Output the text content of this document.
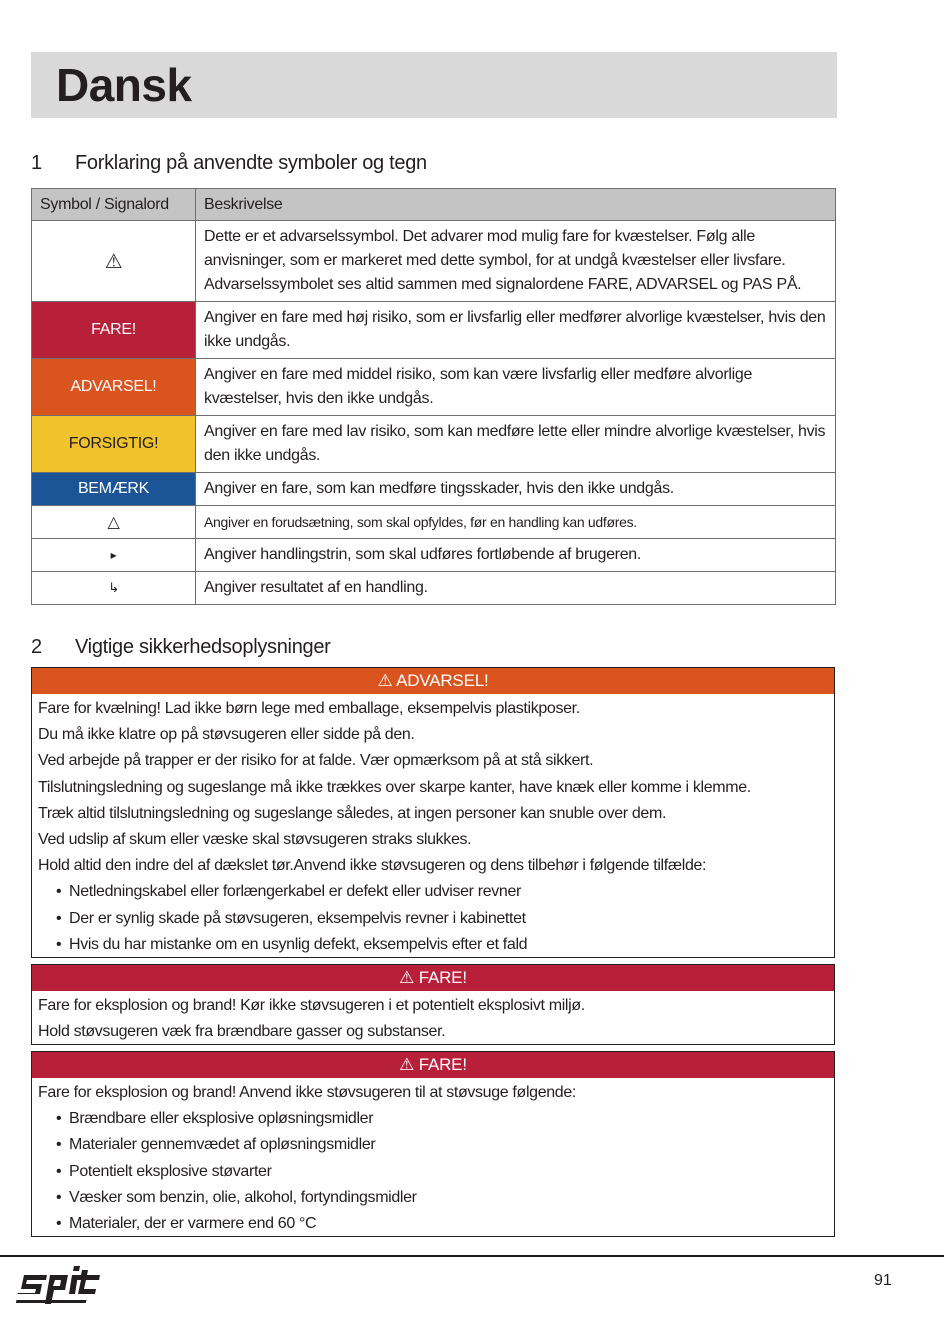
Dansk
1 Forklaring på anvendte symboler og tegn
Symbol / Signalord	Beskrivelse
⚠	Dette er et advarselssymbol. Det advarer mod mulig fare for kvæstelser. Følg alle anvisninger, som er markeret med dette symbol, for at undgå kvæstelser eller livsfare. Advarselssymbolet ses altid sammen med signalordene FARE, ADVARSEL og PAS PÅ.
FARE!	Angiver en fare med høj risiko, som er livsfarlig eller medfører alvorlige kvæstelser, hvis den ikke undgås.
ADVARSEL!	Angiver en fare med middel risiko, som kan være livsfarlig eller medføre alvorlige kvæstelser, hvis den ikke undgås.
FORSIGTIG!	Angiver en fare med lav risiko, som kan medføre lette eller mindre alvorlige kvæstelser, hvis den ikke undgås.
BEMÆRK	Angiver en fare, som kan medføre tingsskader, hvis den ikke undgås.
△	Angiver en forudsætning, som skal opfyldes, før en handling kan udføres.
▸	Angiver handlingstrin, som skal udføres fortløbende af brugeren.
↳	Angiver resultatet af en handling.
2 Vigtige sikkerhedsoplysninger
⚠ ADVARSEL!

Fare for kvælning! Lad ikke børn lege med emballage, eksempelvis plastikposer.

Du må ikke klatre op på støvsugeren eller sidde på den.

Ved arbejde på trapper er der risiko for at falde. Vær opmærksom på at stå sikkert.

Tilslutningsledning og sugeslange må ikke trækkes over skarpe kanter, have knæk eller komme i klemme.

Træk altid tilslutningsledning og sugeslange således, at ingen personer kan snuble over dem.

Ved udslip af skum eller væske skal støvsugeren straks slukkes.

Hold altid den indre del af dækslet tør.Anvend ikke støvsugeren og dens tilbehør i følgende tilfælde:

• Netledningskabel eller forlængerkabel er defekt eller udviser revner
• Der er synlig skade på støvsugeren, eksempelvis revner i kabinettet
• Hvis du har mistanke om en usynlig defekt, eksempelvis efter et fald
⚠ FARE!

Fare for eksplosion og brand! Kør ikke støvsugeren i et potentielt eksplosivt miljø.

Hold støvsugeren væk fra brændbare gasser og substanser.

⚠ FARE!

Fare for eksplosion og brand! Anvend ikke støvsugeren til at støvsuge følgende:

• Brændbare eller eksplosive opløsningsmidler
• Materialer gennemvædet af opløsningsmidler
• Potentielt eksplosive støvarter
• Væsker som benzin, olie, alkohol, fortyndingsmidler
• Materialer, der er varmere end 60 °C
91
